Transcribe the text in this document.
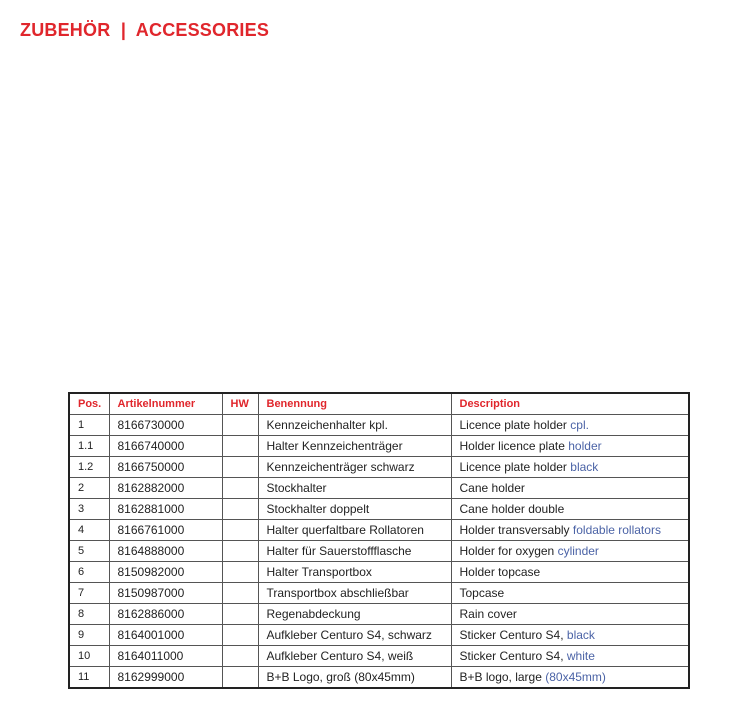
ZUBEHÖR | ACCESSORIES
Pos.	Artikelnummer	HW	Benennung	Description
1	8166730000		Kennzeichenhalter kpl.	Licence plate holder cpl.
1.1	8166740000		Halter Kennzeichenträger	Holder licence plate holder
1.2	8166750000		Kennzeichenträger schwarz	Licence plate holder black
2	8162882000		Stockhalter	Cane holder
3	8162881000		Stockhalter doppelt	Cane holder double
4	8166761000		Halter querfaltbare Rollatoren	Holder transversably foldable rollators
5	8164888000		Halter für Sauerstoffflasche	Holder for oxygen cylinder
6	8150982000		Halter Transportbox	Holder topcase
7	8150987000		Transportbox abschließbar	Topcase
8	8162886000		Regenabdeckung	Rain cover
9	8164001000		Aufkleber Centuro S4, schwarz	Sticker Centuro S4, black
10	8164011000		Aufkleber Centuro S4, weiß	Sticker Centuro S4, white
11	8162999000		B+B Logo, groß (80x45mm)	B+B logo, large (80x45mm)
